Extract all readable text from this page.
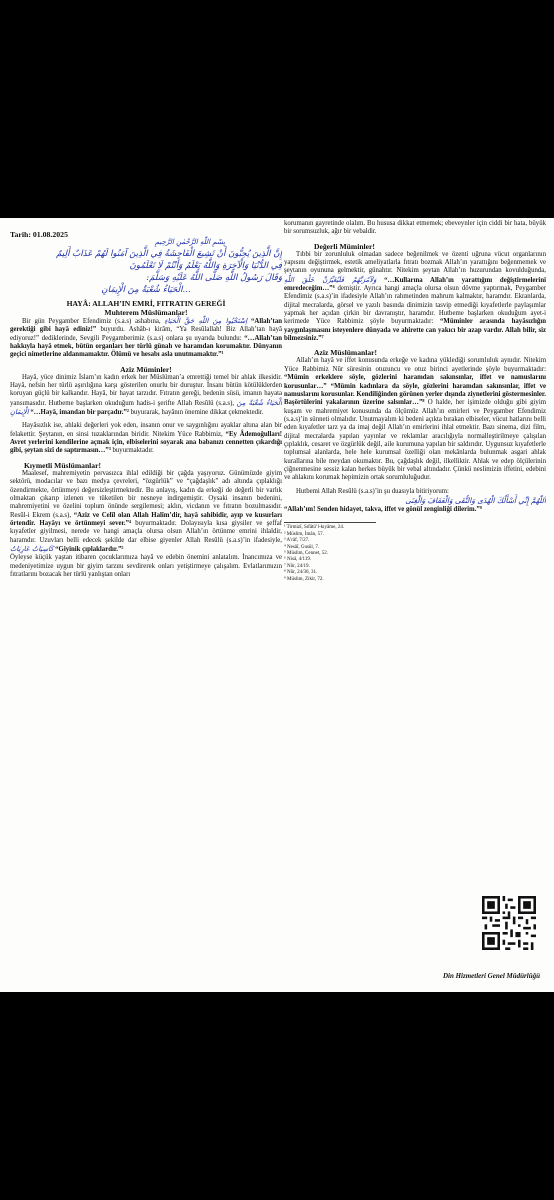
Tarih: 01.08.2025
بِسْمِ اللّٰهِ الرَّحْمٰنِ الرَّحِيمِ
إِنَّ الَّذِينَ يُحِبُّونَ أَنْ تَشِيعَ الْفَاحِشَةُ فِي الَّذِينَ آمَنُوا لَهُمْ عَذَابٌ أَلِيمٌ
فِي الدُّنْيَا وَالْآخِرَةِ وَاللَّهُ يَعْلَمُ وَأَنْتُمْ لَا تَعْلَمُونَ
وَقَالَ رَسُولُ اللَّهِ صَلَّى اللَّهُ عَلَيْهِ وَسَلَّمَ:
...الْحَيَاءُ شُعْبَةٌ مِنَ الْإِيمَانِ
HAYÂ: ALLAH’IN EMRİ, FITRATIN GEREĞİ
Muhterem Müslümanlar!

Bir gün Peygamber Efendimiz (s.a.s) ashabına, اِسْتَحْيُوا مِنَ اللّٰهِ حَقَّ الْحَيَاءِ “Allah’tan gerektiği gibi hayâ ediniz!” buyurdu. Ashâb-ı kirâm, “Ya Resûlallah! Biz Allah’tan hayâ ediyoruz!” dediklerinde, Sevgili Peygamberimiz (s.a.s) onlara şu uyarıda bulundu: “…Allah’tan hakkıyla hayâ etmek, bütün organları her türlü günah ve haramdan korumaktır. Dünyanın geçici nimetlerine aldanmamaktır. Ölümü ve hesabı asla unutmamaktır.”¹

Aziz Müminler!

Hayâ, yüce dinimiz İslam’ın kadın erkek her Müslüman’a emrettiği temel bir ahlak ilkesidir. Hayâ, nefsin her türlü aşırılığına karşı gösterilen onurlu bir duruştur. İnsanı bütün kötülüklerden koruyan güçlü bir kalkandır. Hayâ, bir hayat tarzıdır. Fıtratın gereği, bedenin süsü, imanın hayata yansımasıdır. Hutbeme başlarken okuduğum hadis-i şerifte Allah Resûlü (s.a.s), اَلْحَيَاءُ شُعْبَةٌ مِنَ الْإِيمَانِ “…Hayâ, imandan bir parçadır.”² buyurarak, hayânın önemine dikkat çekmektedir.

Hayâsızlık ise, ahlaki değerleri yok eden, insanın onur ve saygınlığını ayaklar altına alan bir felakettir. Şeytanın, en sinsi tuzaklarından biridir. Nitekim Yüce Rabbimiz, “Ey Âdemoğulları! Avret yerlerini kendilerine açmak için, elbiselerini soyarak ana babanızı cennetten çıkardığı gibi, şeytan sizi de saptırmasın…”³ buyurmaktadır.

Kıymetli Müslümanlar!

Maalesef, mahremiyetin pervasızca ihlal edildiği bir çağda yaşıyoruz. Günümüzde giyim sektörü, modacılar ve bazı medya çevreleri, “özgürlük” ve “çağdaşlık” adı altında çıplaklığı özendirmekte, örtünmeyi değersizleştirmektedir. Bu anlayış, kadın da erkeği de değerli bir varlık olmaktan çıkarıp izlenen ve tüketilen bir nesneye indirgemiştir. Oysaki insanın bedenini, mahremiyetini ve özelini toplum önünde sergilemesi; aklın, vicdanın ve fıtratın bozulmasıdır. Resûl-i Ekrem (s.a.s), “Aziz ve Celîl olan Allah Halîm’dir, hayâ sahibidir, ayıp ve kusurları örtendir. Hayâyı ve örtünmeyi sever.”⁴ buyurmaktadır. Dolayısıyla kısa giysiler ve şeffaf kıyafetler giyilmesi, nerede ve hangi amaçla olursa olsun Allah’ın örtünme emrini ihlaldir, haramdır. Uzuvları belli edecek şekilde dar elbise giyenler Allah Resûlü (s.a.s)’in ifadesiyle, كَاسِيَاتٌ عَارِيَاتٌ “Giyinik çıplaklardır.”⁵

Öyleyse küçük yaştan itibaren çocuklarımıza hayâ ve edebin önemini anlatalım. İnancımıza ve medeniyetimize uygun bir giyim tarzını sevdirerek onları yetiştirmeye çalışalım. Evlatlarımızın fıtratlarını bozacak her türlü yanlıştan onları

korumanın gayretinde olalım. Bu hususa dikkat etmemek; ebeveynler için ciddi bir hata, büyük bir sorumsuzluk, ağır bir vebaldir.

Değerli Müminler!

Tıbbi bir zorunluluk olmadan sadece beğenilmek ve özenti uğruna vücut organlarının yapısını değiştirmek, estetik ameliyatlarla fıtratı bozmak Allah’ın yarattığını beğenmemek ve şeytanın oyununa gelmektir, günahtır. Nitekim şeytan Allah’ın huzurundan kovulduğunda, وَلَآمُرَنَّهُمْ فَلَيُغَيِّرُنَّ خَلْقَ اللّٰهِ “…Kullarına Allah’ın yarattığını değiştirmelerini emredeceğim…”⁶ demiştir. Ayrıca hangi amaçla olursa olsun dövme yaptırmak, Peygamber Efendimiz (s.a.s)’in ifadesiyle Allah’ın rahmetinden mahrum kalmaktır, haramdır. Ekranlarda, dijital mecralarda, görsel ve yazılı basında dinimizin tasvip etmediği kıyafetlerle paylaşımlar yapmak her açıdan çirkin bir davranıştır, haramdır. Hutbeme başlarken okuduğum ayet-i kerimede Yüce Rabbimiz şöyle buyurmaktadır: “Müminler arasında hayâsızlığın yaygınlaşmasını isteyenlere dünyada ve ahirette can yakıcı bir azap vardır. Allah bilir, siz bilmezsiniz.”⁷

Aziz Müslümanlar!

Allah’ın hayâ ve iffet konusunda erkeğe ve kadına yüklediği sorumluluk aynıdır. Nitekim Yüce Rabbimiz Nûr süresinin otuzuncu ve otuz birinci ayetlerinde şöyle buyurmaktadır: “Mümin erkeklere söyle, gözlerini haramdan sakınsınlar, iffet ve namuslarını korusunlar…” “Mümin kadınlara da söyle, gözlerini haramdan sakınsınlar, iffet ve namuslarını korusunlar. Kendiliğinden görünen yerler dışında ziynetlerini göstermesinler. Başörtülerini yakalarının üzerine salsınlar…”⁸ O halde, her işimizde olduğu gibi giyim kuşam ve mahremiyet konusunda da ölçümüz Allah’ın emirleri ve Peygamber Efendimiz (s.a.s)’in sünneti olmalıdır. Unutmayalım ki bedeni açıkta bırakan elbiseler, vücut hatlarını belli eden kıyafetler tarz ya da imaj değil Allah’ın emirlerini ihlal etmektir. Bazı sinema, dizi film, dijital mecralarda yapılan yayınlar ve reklamlar aracılığıyla normalleştirilmeye çalışılan çıplaklık, cesaret ve özgürlük değil, aile kurumuna yapılan bir saldırıdır. Uygunsuz kıyafetlerle toplumsal alanlarda, hele hele kurumsal özelliği olan mekânlarda bulunmak asgari ahlak kurallarına bile meydan okumaktır. Bu, çağdaşlık değil, ilkelliktir. Ahlak ve edep ölçülerinin çiğnenmesine sessiz kalan herkes büyük bir vebal altındadır. Çünkü neslimizin iffetini, edebini ve ahlakını korumak hepimizin ortak sorumluluğudur.

Hutbemi Allah Resûlü (s.a.s)’in şu duasıyla bitiriyorum:

اَللّٰهُمَّ إِنِّي أَسْأَلُكَ الْهُدَى وَالتُّقَى وَالْعَفَافَ وَالْغِنَى

“Allah’ım! Senden hidayet, takva, iffet ve gönül zenginliği dilerim.”⁹

¹ Tirmizî, Sıfâtü’l-kıyâme, 24.
² Müslim, İmân, 57.
³ A’râf, 7/27.
⁴ Nesâî, Gusül, 7.
⁵ Müslim, Cennet, 52.
⁶ Nisâ, 4/119.
⁷ Nûr, 24/19.
⁸ Nûr, 24/30, 31.
⁹ Müslim, Zikir, 72.
Din Hizmetleri Genel Müdürlüğü
